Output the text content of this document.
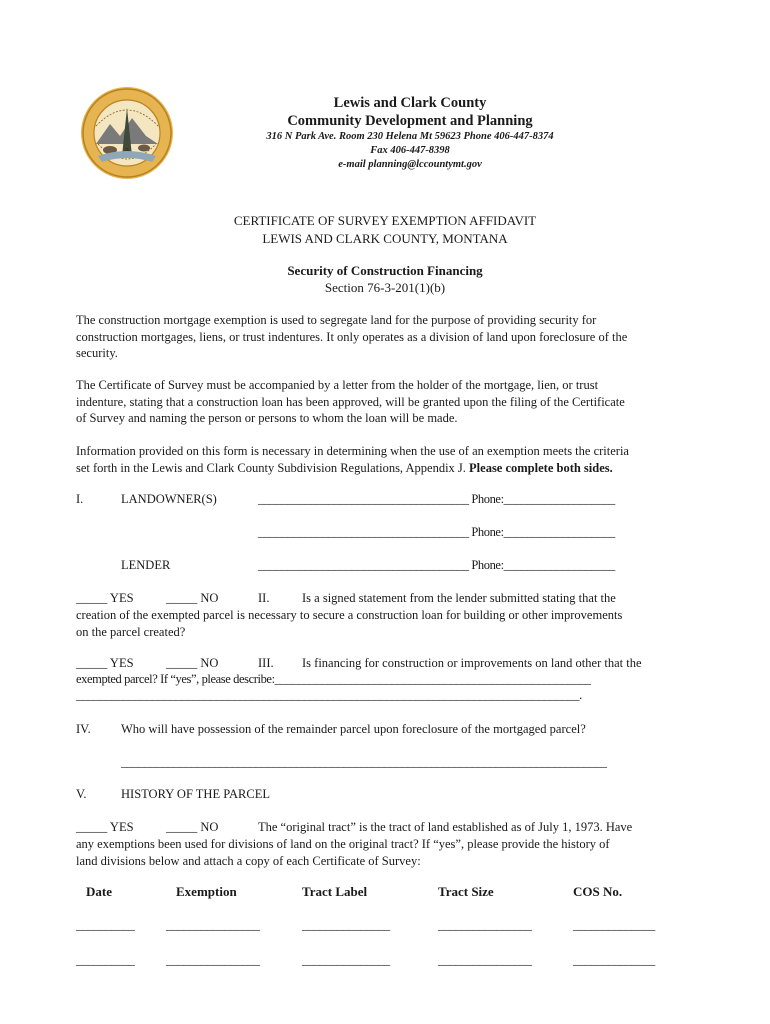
Lewis and Clark County
Community Development and Planning
316 N Park Ave. Room 230 Helena Mt 59623 Phone 406-447-8374
Fax 406-447-8398
e-mail planning@lccountymt.gov
CERTIFICATE OF SURVEY EXEMPTION AFFIDAVIT
LEWIS AND CLARK COUNTY, MONTANA
Security of Construction Financing
Section 76-3-201(1)(b)
The construction mortgage exemption is used to segregate land for the purpose of providing security for
construction mortgages, liens, or trust indentures. It only operates as a division of land upon foreclosure of the
security.
The Certificate of Survey must be accompanied by a letter from the holder of the mortgage, lien, or trust
indenture, stating that a construction loan has been approved, will be granted upon the filing of the Certificate
of Survey and naming the person or persons to whom the loan will be made.
Information provided on this form is necessary in determining when the use of an exemption meets the criteria
set forth in the Lewis and Clark County Subdivision Regulations, Appendix J. Please complete both sides.
I.	LANDOWNER(S)	____________________________________ Phone:___________________
____________________________________ Phone:___________________
LENDER	____________________________________ Phone:___________________
_____ YES	_____ NO	II.	Is a signed statement from the lender submitted stating that the
creation of the exempted parcel is necessary to secure a construction loan for building or other improvements
on the parcel created?
_____ YES	_____ NO	III. Is financing for construction or improvements on land other that the
exempted parcel? If “yes”, please describe:______________________________________________________
______________________________________________________________________________________.
IV. Who will have possession of the remainder parcel upon foreclosure of the mortgaged parcel?
___________________________________________________________________________________
V.	HISTORY OF THE PARCEL
_____ YES	_____ NO	The “original tract” is the tract of land established as of July 1, 1973. Have
any exemptions been used for divisions of land on the original tract? If “yes”, please provide the history of
land divisions below and attach a copy of each Certificate of Survey:
Date	Exemption	Tract Label	Tract Size	COS No.
__________	________________	_______________	________________	______________
__________	________________	_______________	________________	______________
